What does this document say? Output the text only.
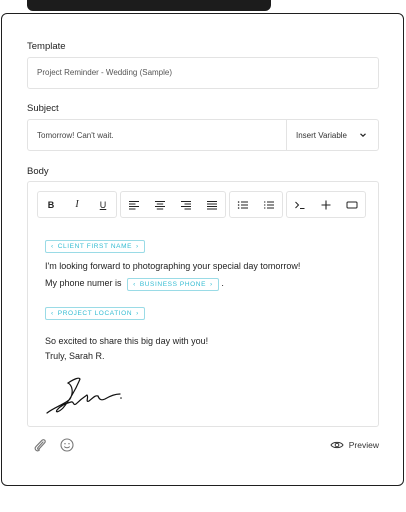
Template
Project Reminder - Wedding (Sample)
Subject
Tomorrow! Can't wait.	Insert Variable
Body
B	I	U
‹ CLIENT FIRST NAME ›
I'm looking forward to photographing your special day tomorrow!
My phone numer is ‹ BUSINESS PHONE › .
‹ PROJECT LOCATION ›
So excited to share this big day with you!
Truly, Sarah R.
Preview
